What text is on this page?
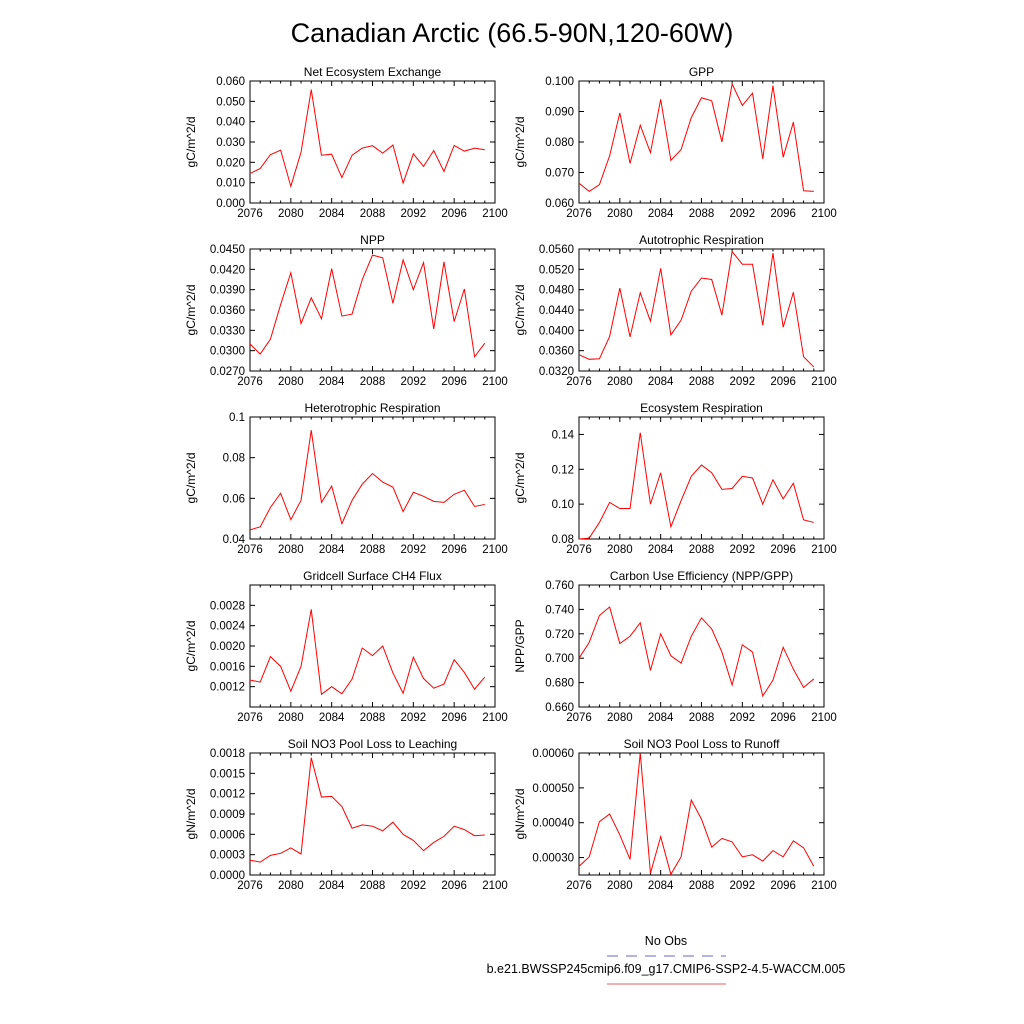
Canadian Arctic (66.5-90N,120-60W)
Net Ecosystem Exchange
gC/m^2/d
2076 2080 2084 2088 2092 2096 2100
0.000
0.010
0.020
0.030
0.040
0.050
0.060
GPP
gC/m^2/d
2076 2080 2084 2088 2092 2096 2100
0.060
0.070
0.080
0.090
0.100
NPP
gC/m^2/d
2076 2080 2084 2088 2092 2096 2100
0.0270
0.0300
0.0330
0.0360
0.0390
0.0420
0.0450
Autotrophic Respiration
gC/m^2/d
2076 2080 2084 2088 2092 2096 2100
0.0320
0.0360
0.0400
0.0440
0.0480
0.0520
0.0560
Heterotrophic Respiration
gC/m^2/d
2076 2080 2084 2088 2092 2096 2100
0.04
0.06
0.08
0.1
Ecosystem Respiration
gC/m^2/d
2076 2080 2084 2088 2092 2096 2100
0.08
0.10
0.12
0.14
Gridcell Surface CH4 Flux
gC/m^2/d
2076 2080 2084 2088 2092 2096 2100
0.0012
0.0016
0.0020
0.0024
0.0028
Carbon Use Efficiency (NPP/GPP)
NPP/GPP
2076 2080 2084 2088 2092 2096 2100
0.660
0.680
0.700
0.720
0.740
0.760
Soil NO3 Pool Loss to Leaching
gN/m^2/d
2076 2080 2084 2088 2092 2096 2100
0.0000
0.0003
0.0006
0.0009
0.0012
0.0015
0.0018
Soil NO3 Pool Loss to Runoff
gN/m^2/d
2076 2080 2084 2088 2092 2096 2100
0.00030
0.00040
0.00050
0.00060
No Obs
b.e21.BWSSP245cmip6.f09_g17.CMIP6-SSP2-4.5-WACCM.005
